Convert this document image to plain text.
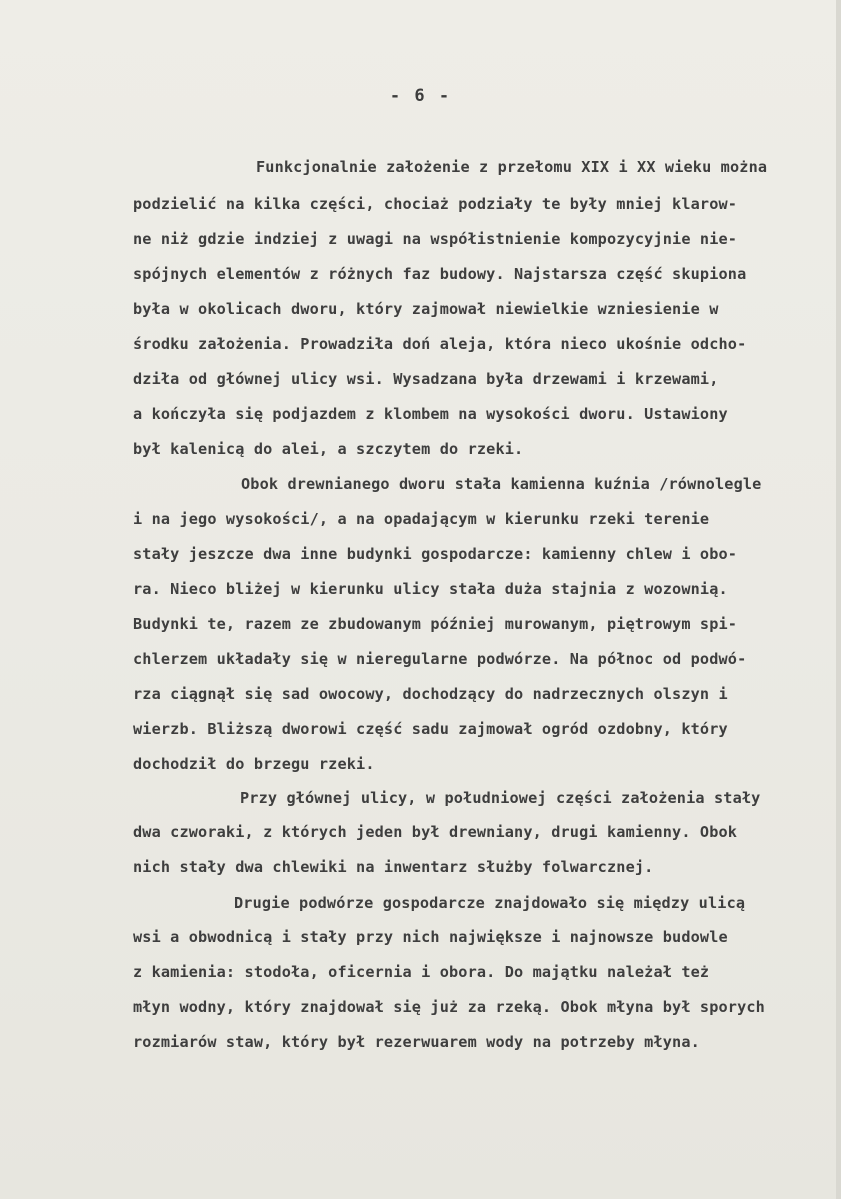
- 6 -
Funkcjonalnie założenie z przełomu XIX i XX wieku można
podzielić na kilka części, chociaż podziały te były mniej klarow-
ne niż gdzie indziej z uwagi na współistnienie kompozycyjnie nie-
spójnych elementów z różnych faz budowy. Najstarsza część skupiona
była w okolicach dworu, który zajmował niewielkie wzniesienie w
środku założenia. Prowadziła doń aleja, która nieco ukośnie odcho-
dziła od głównej ulicy wsi. Wysadzana była drzewami i krzewami,
a kończyła się podjazdem z klombem na wysokości dworu. Ustawiony
był kalenicą do alei, a szczytem do rzeki.
Obok drewnianego dworu stała kamienna kuźnia /równolegle
i na jego wysokości/, a na opadającym w kierunku rzeki terenie
stały jeszcze dwa inne budynki gospodarcze: kamienny chlew i obo-
ra. Nieco bliżej w kierunku ulicy stała duża stajnia z wozownią.
Budynki te, razem ze zbudowanym później murowanym, piętrowym spi-
chlerzem układały się w nieregularne podwórze. Na północ od podwó-
rza ciągnął się sad owocowy, dochodzący do nadrzecznych olszyn i
wierzb. Bliższą dworowi część sadu zajmował ogród ozdobny, który
dochodził do brzegu rzeki.
Przy głównej ulicy, w południowej części założenia stały
dwa czworaki, z których jeden był drewniany, drugi kamienny. Obok
nich stały dwa chlewiki na inwentarz służby folwarcznej.
Drugie podwórze gospodarcze znajdowało się między ulicą
wsi a obwodnicą i stały przy nich największe i najnowsze budowle
z kamienia: stodoła, oficernia i obora. Do majątku należał też
młyn wodny, który znajdował się już za rzeką. Obok młyna był sporych
rozmiarów staw, który był rezerwuarem wody na potrzeby młyna.
